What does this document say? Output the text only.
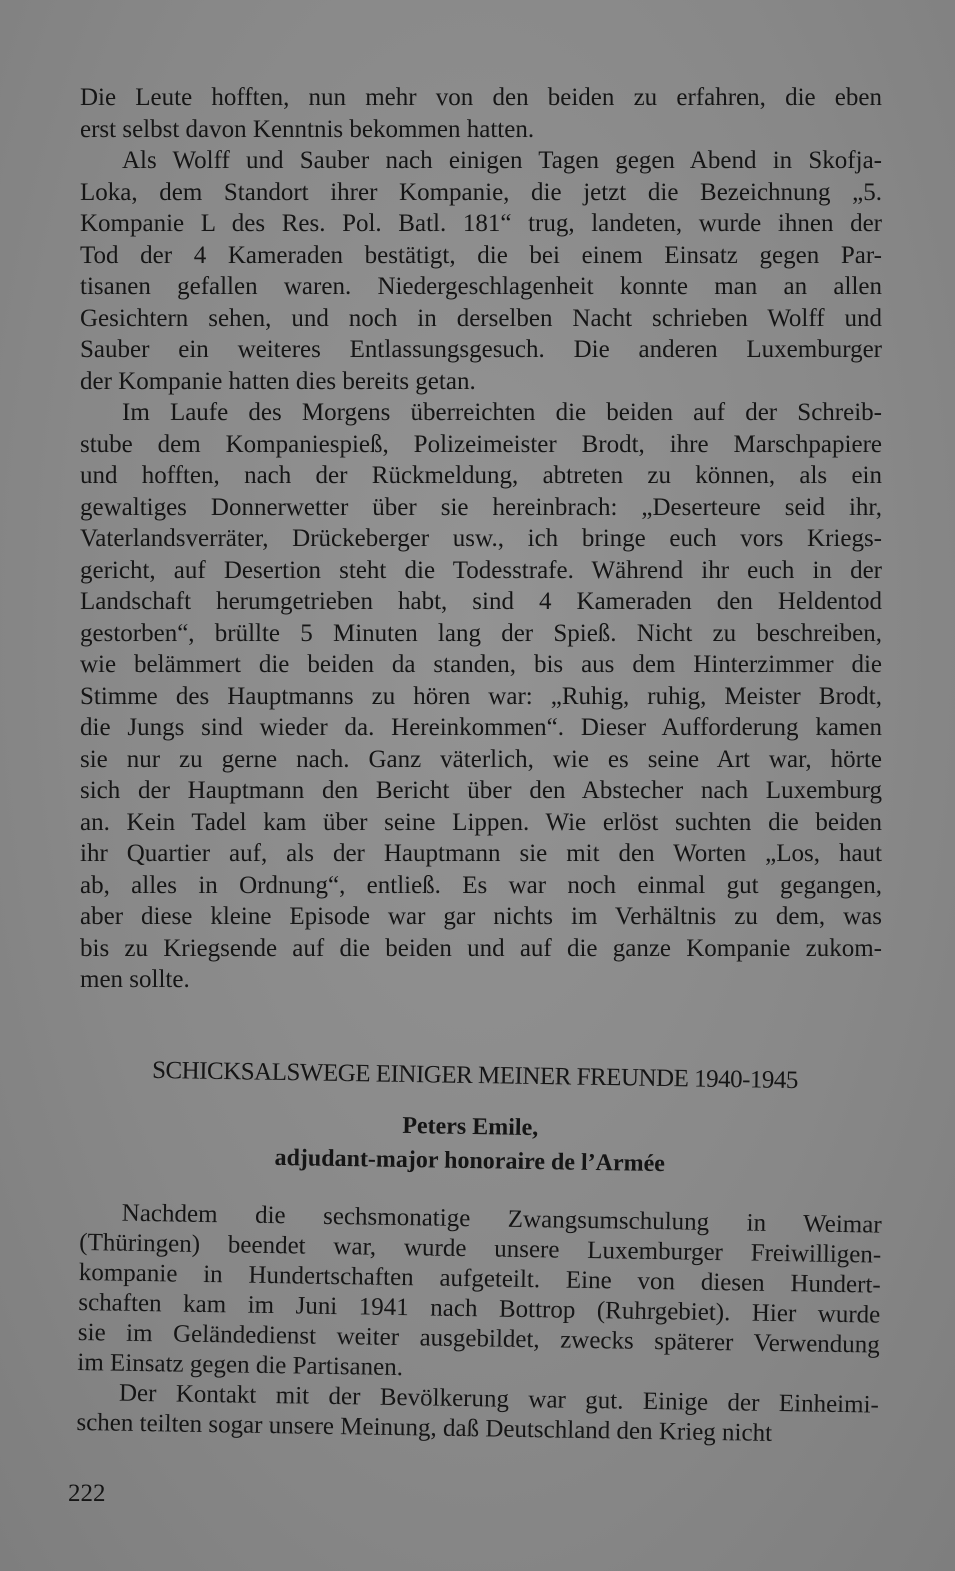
Die Leute hofften, nun mehr von den beiden zu erfahren, die eben
erst selbst davon Kenntnis bekommen hatten.
Als Wolff und Sauber nach einigen Tagen gegen Abend in Skofja-
Loka, dem Standort ihrer Kompanie, die jetzt die Bezeichnung „5.
Kompanie L des Res. Pol. Batl. 181“ trug, landeten, wurde ihnen der
Tod der 4 Kameraden bestätigt, die bei einem Einsatz gegen Par-
tisanen gefallen waren. Niedergeschlagenheit konnte man an allen
Gesichtern sehen, und noch in derselben Nacht schrieben Wolff und
Sauber ein weiteres Entlassungsgesuch. Die anderen Luxemburger
der Kompanie hatten dies bereits getan.
Im Laufe des Morgens überreichten die beiden auf der Schreib-
stube dem Kompaniespieß, Polizeimeister Brodt, ihre Marschpapiere
und hofften, nach der Rückmeldung, abtreten zu können, als ein
gewaltiges Donnerwetter über sie hereinbrach: „Deserteure seid ihr,
Vaterlandsverräter, Drückeberger usw., ich bringe euch vors Kriegs-
gericht, auf Desertion steht die Todesstrafe. Während ihr euch in der
Landschaft herumgetrieben habt, sind 4 Kameraden den Heldentod
gestorben“, brüllte 5 Minuten lang der Spieß. Nicht zu beschreiben,
wie belämmert die beiden da standen, bis aus dem Hinterzimmer die
Stimme des Hauptmanns zu hören war: „Ruhig, ruhig, Meister Brodt,
die Jungs sind wieder da. Hereinkommen“. Dieser Aufforderung kamen
sie nur zu gerne nach. Ganz väterlich, wie es seine Art war, hörte
sich der Hauptmann den Bericht über den Abstecher nach Luxemburg
an. Kein Tadel kam über seine Lippen. Wie erlöst suchten die beiden
ihr Quartier auf, als der Hauptmann sie mit den Worten „Los, haut
ab, alles in Ordnung“, entließ. Es war noch einmal gut gegangen,
aber diese kleine Episode war gar nichts im Verhältnis zu dem, was
bis zu Kriegsende auf die beiden und auf die ganze Kompanie zukom-
men sollte.
SCHICKSALSWEGE EINIGER MEINER FREUNDE 1940-1945
Peters Emile,
adjudant-major honoraire de l’Armée
Nachdem die sechsmonatige Zwangsumschulung in Weimar
(Thüringen) beendet war, wurde unsere Luxemburger Freiwilligen-
kompanie in Hundertschaften aufgeteilt. Eine von diesen Hundert-
schaften kam im Juni 1941 nach Bottrop (Ruhrgebiet). Hier wurde
sie im Geländedienst weiter ausgebildet, zwecks späterer Verwendung
im Einsatz gegen die Partisanen.
Der Kontakt mit der Bevölkerung war gut. Einige der Einheimi-
schen teilten sogar unsere Meinung, daß Deutschland den Krieg nicht
222
